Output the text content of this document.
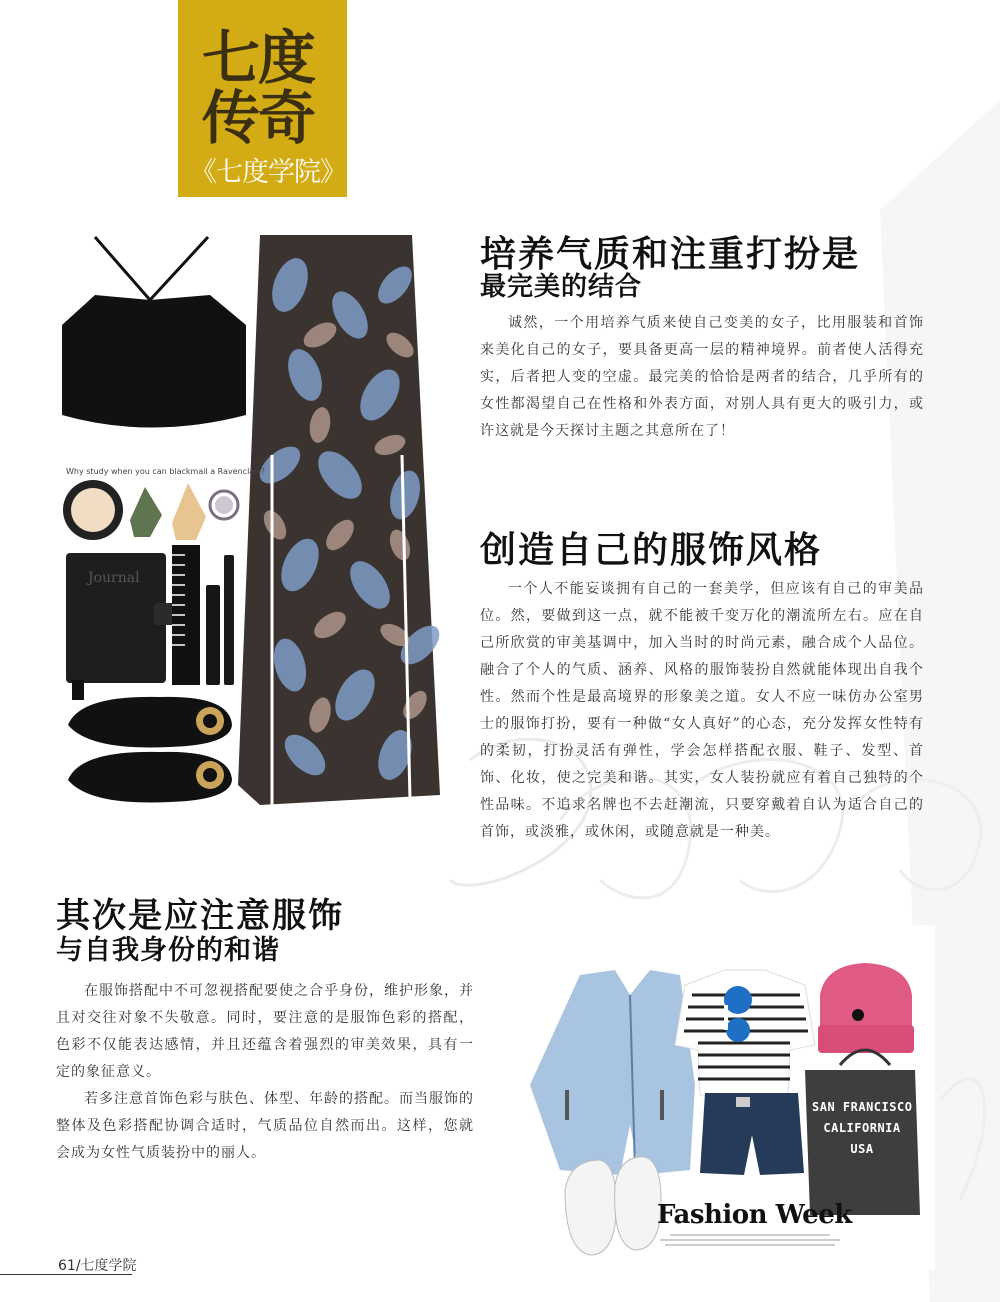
七度
传奇
《七度学院》
Why study when you can blackmail a Ravenclaw?
Journal
培养气质和注重打扮是
最完美的结合

诚然，一个用培养气质来使自己变美的女子，比用服装和首饰来美化自己的女子，要具备更高一层的精神境界。前者使人活得充实，后者把人变的空虚。最完美的恰恰是两者的结合，几乎所有的女性都渴望自己在性格和外表方面，对别人具有更大的吸引力，或许这就是今天探讨主题之其意所在了！

创造自己的服饰风格

一个人不能妄谈拥有自己的一套美学，但应该有自己的审美品位。然，要做到这一点，就不能被千变万化的潮流所左右。应在自己所欣赏的审美基调中，加入当时的时尚元素，融合成个人品位。融合了个人的气质、涵养、风格的服饰装扮自然就能体现出自我个性。然而个性是最高境界的形象美之道。女人不应一味仿办公室男士的服饰打扮，要有一种做“女人真好”的心态，充分发挥女性特有的柔韧，打扮灵活有弹性，学会怎样搭配衣服、鞋子、发型、首饰、化妆，使之完美和谐。其实，女人装扮就应有着自己独特的个性品味。不追求名牌也不去赶潮流，只要穿戴着自认为适合自己的首饰，或淡雅，或休闲，或随意就是一种美。

其次是应注意服饰
与自我身份的和谐

在服饰搭配中不可忽视搭配要使之合乎身份，维护形象，并且对交往对象不失敬意。同时，要注意的是服饰色彩的搭配，色彩不仅能表达感情，并且还蕴含着强烈的审美效果，具有一定的象征意义。

若多注意首饰色彩与肤色、体型、年龄的搭配。而当服饰的整体及色彩搭配协调合适时，气质品位自然而出。这样，您就会成为女性气质装扮中的丽人。

SAN FRANCISCO
CALIFORNIA
USA
Fashion Week
61/七度学院
